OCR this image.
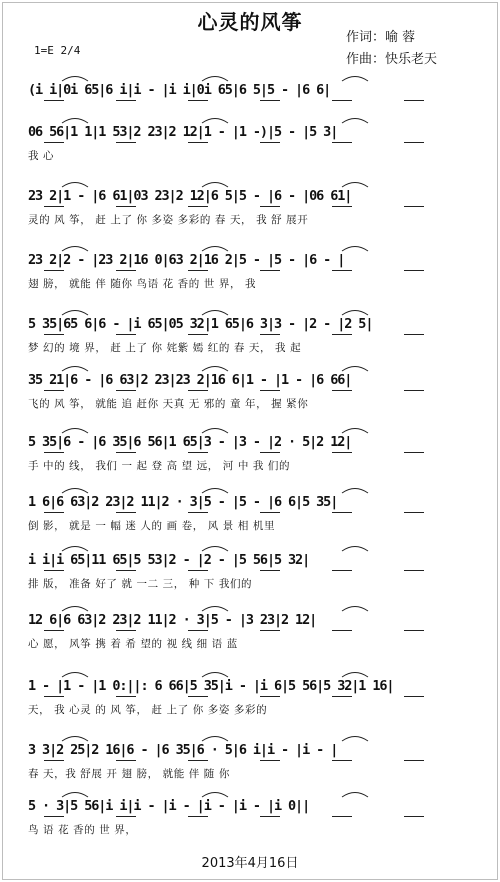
心灵的风筝
作词：喻 蓉
作曲：快乐老天
1=E 2/4
(i i|0i 65|6 i|i - |i i|0i 65|6 5|5 - |6 6|
06 56|1 1|1 53|2 23|2 12|1 - |1 -)|5 - |5 3|
我 心
23 2|1 - |6 61|03 23|2 12|6 5|5 - |6 - |06 61|
灵的 风 筝， 赶 上了 你 多姿 多彩的 春 天， 我 舒 展开
23 2|2 - |23 2|16 0|63 2|16 2|5 - |5 - |6 - |
翅 膀， 就能 伴 随你 鸟语 花 香的 世 界， 我
5 35|65 6|6 - |i 65|05 32|1 65|6 3|3 - |2 - |2 5|
梦 幻的 境 界， 赶 上了 你 姹紫 嫣 红的 春 天， 我 起
35 21|6 - |6 63|2 23|23 2|16 6|1 - |1 - |6 66|
飞的 风 筝， 就能 追 赶你 天真 无 邪的 童 年， 握 紧你
5 35|6 - |6 35|6 56|1 65|3 - |3 - |2 · 5|2 12|
手 中的 线， 我们 一 起 登 高 望 远， 河 中 我 们的
1 6|6 63|2 23|2 11|2 · 3|5 - |5 - |6 6|5 35|
倒 影， 就是 一 幅 迷 人的 画 卷， 风 景 相 机里
i i|i 65|11 65|5 53|2 - |2 - |5 56|5 32|
排 版， 准备 好了 就 一二 三， 种 下 我们的
12 6|6 63|2 23|2 11|2 · 3|5 - |3 23|2 12|
心 愿， 风筝 携 着 希 望的 视 线 细 语 蓝
1 - |1 - |1 0:||: 6 66|5 35|i - |i 6|5 56|5 32|1 16|
天， 我 心灵 的 风 筝， 赶 上了 你 多姿 多彩的
3 3|2 25|2 16|6 - |6 35|6 · 5|6 i|i - |i - |
春 天，我 舒展 开 翅 膀， 就能 伴 随 你
5 · 3|5 56|i i|i - |i - |i - |i - |i 0||
鸟 语 花 香的 世 界，
2013年4月16日
